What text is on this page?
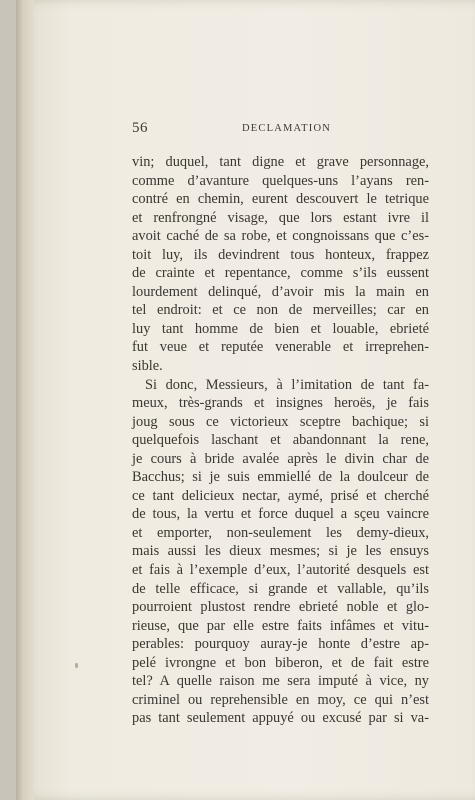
56	DECLAMATION
vin; duquel, tant digne et grave personnage,
comme d’avanture quelques-uns l’ayans ren-
contré en chemin, eurent descouvert le tetrique
et renfrongné visage, que lors estant ivre il
avoit caché de sa robe, et congnoissans que c’es-
toit luy, ils devindrent tous honteux, frappez
de crainte et repentance, comme s’ils eussent
lourdement delinqué, d’avoir mis la main en
tel endroit: et ce non de merveilles; car en
luy tant homme de bien et louable, ebrieté
fut veue et reputée venerable et irreprehen-
sible.
Si donc, Messieurs, à l’imitation de tant fa-
meux, très-grands et insignes heroës, je fais
joug sous ce victorieux sceptre bachique; si
quelquefois laschant et abandonnant la rene,
je cours à bride avalée après le divin char de
Bacchus; si je suis emmiellé de la doulceur de
ce tant delicieux nectar, aymé, prisé et cherché
de tous, la vertu et force duquel a sçeu vaincre
et emporter, non-seulement les demy-dieux,
mais aussi les dieux mesmes; si je les ensuys
et fais à l’exemple d’eux, l’autorité desquels est
de telle efficace, si grande et vallable, qu’ils
pourroient plustost rendre ebrieté noble et glo-
rieuse, que par elle estre faits infâmes et vitu-
perables: pourquoy auray-je honte d’estre ap-
pelé ivrongne et bon biberon, et de fait estre
tel? A quelle raison me sera imputé à vice, ny
criminel ou reprehensible en moy, ce qui n’est
pas tant seulement appuyé ou excusé par si va-
